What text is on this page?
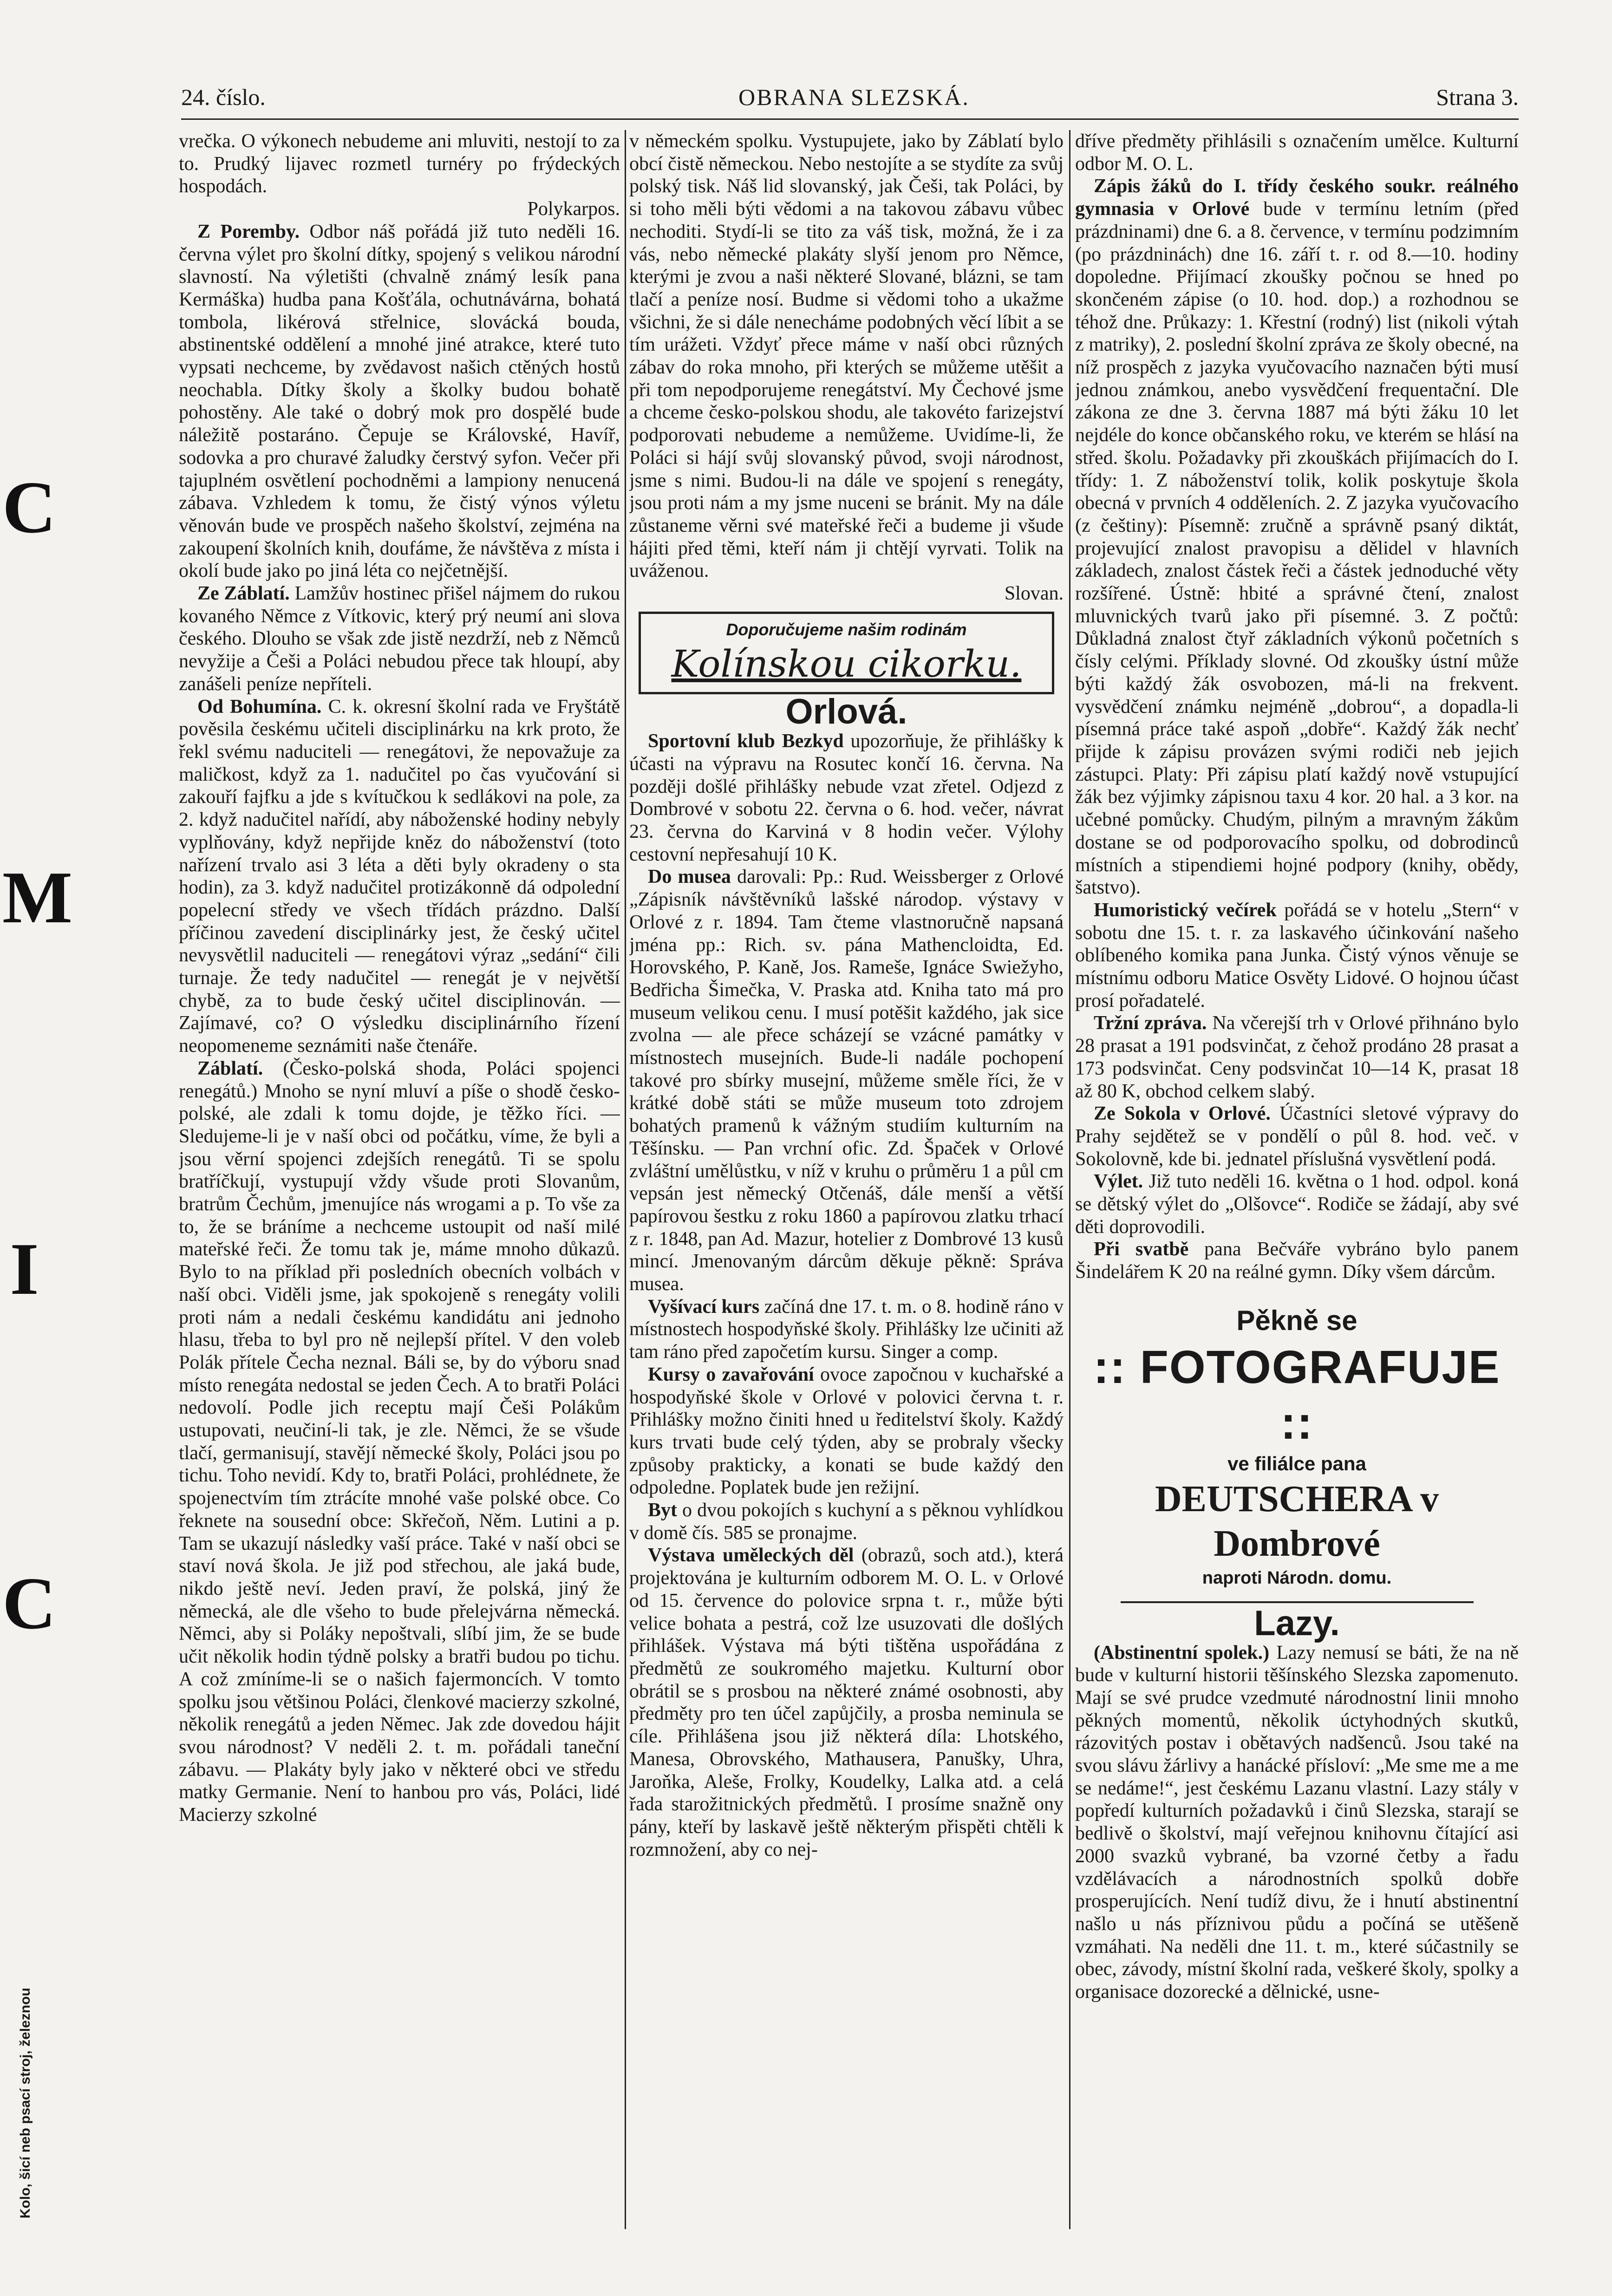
24. číslo.	OBRANA SLEZSKÁ.	Strana 3.
C
M
I
C
Kolo, šicí neb psací stroj, železnou

vrečka. O výkonech nebudeme ani mluviti, nestojí to za to. Prudký lijavec rozmetl turnéry po frýdeckých hospodách.

Polykarpos.

Z Poremby. Odbor náš pořádá již tuto neděli 16. června výlet pro školní dítky, spojený s velikou národní slavností. Na výletišti (chvalně známý lesík pana Kermáška) hudba pana Košťála, ochutnávárna, bohatá tombola, likérová střelnice, slovácká bouda, abstinentské oddělení a mnohé jiné atrakce, které tuto vypsati nechceme, by zvědavost našich ctěných hostů neochabla. Dítky školy a školky budou bohatě pohostěny. Ale také o dobrý mok pro dospělé bude náležitě postaráno. Čepuje se Královské, Havíř, sodovka a pro churavé žaludky čerstvý syfon. Večer při tajuplném osvětlení pochodněmi a lampiony nenucená zábava. Vzhledem k tomu, že čistý výnos výletu věnován bude ve prospěch našeho školství, zejména na zakoupení školních knih, doufáme, že návštěva z místa i okolí bude jako po jiná léta co nejčetnější.

Ze Záblatí. Lamžův hostinec přišel nájmem do rukou kovaného Němce z Vítkovic, který prý neumí ani slova českého. Dlouho se však zde jistě nezdrží, neb z Němců nevyžije a Češi a Poláci nebudou přece tak hloupí, aby zanášeli peníze nepříteli.

Od Bohumína. C. k. okresní školní rada ve Fryštátě pověsila českému učiteli disciplinárku na krk proto, že řekl svému naduciteli — renegátovi, že nepovažuje za maličkost, když za 1. nadučitel po čas vyučování si zakouří fajfku a jde s kvítučkou k sedlákovi na pole, za 2. když nadučitel nařídí, aby náboženské hodiny nebyly vyplňovány, když nepřijde kněz do náboženství (toto nařízení trvalo asi 3 léta a děti byly okradeny o sta hodin), za 3. když nadučitel protizákonně dá odpolední popelecní středy ve všech třídách prázdno. Další příčinou zavedení disciplinárky jest, že český učitel nevysvětlil naduciteli — renegátovi výraz „sedání“ čili turnaje. Že tedy nadučitel — renegát je v největší chybě, za to bude český učitel disciplinován. — Zajímavé, co? O výsledku disciplinárního řízení neopomeneme seznámiti naše čtenáře.

Záblatí. (Česko-polská shoda, Poláci spojenci renegátů.) Mnoho se nyní mluví a píše o shodě česko-polské, ale zdali k tomu dojde, je těžko říci. — Sledujeme-li je v naší obci od počátku, víme, že byli a jsou věrní spojenci zdejších renegátů. Ti se spolu bratříčkují, vystupují vždy všude proti Slovanům, bratrům Čechům, jmenujíce nás wrogami a p. To vše za to, že se bráníme a nechceme ustoupit od naší milé mateřské řeči. Že tomu tak je, máme mnoho důkazů. Bylo to na příklad při posledních obecních volbách v naší obci. Viděli jsme, jak spokojeně s renegáty volili proti nám a nedali českému kandidátu ani jednoho hlasu, třeba to byl pro ně nejlepší přítel. V den voleb Polák přítele Čecha neznal. Báli se, by do výboru snad místo renegáta nedostal se jeden Čech. A to bratři Poláci nedovolí. Podle jich receptu mají Češi Polákům ustupovati, neučiní-li tak, je zle. Němci, že se všude tlačí, germanisují, stavějí německé školy, Poláci jsou po tichu. Toho nevidí. Kdy to, bratři Poláci, prohlédnete, že spojenectvím tím ztrácíte mnohé vaše polské obce. Co řeknete na sousední obce: Skřečoň, Něm. Lutini a p. Tam se ukazují následky vaší práce. Také v naší obci se staví nová škola. Je již pod střechou, ale jaká bude, nikdo ještě neví. Jeden praví, že polská, jiný že německá, ale dle všeho to bude přelejvárna německá. Němci, aby si Poláky nepoštvali, slíbí jim, že se bude učit několik hodin týdně polsky a bratři budou po tichu. A což zmíníme-li se o našich fajermoncích. V tomto spolku jsou většinou Poláci, členkové macierzy szkolné, několik renegátů a jeden Němec. Jak zde dovedou hájit svou národnost? V neděli 2. t. m. pořádali taneční zábavu. — Plakáty byly jako v některé obci ve středu matky Germanie. Není to hanbou pro vás, Poláci, lidé Macierzy szkolné

v německém spolku. Vystupujete, jako by Záblatí bylo obcí čistě německou. Nebo nestojíte a se stydíte za svůj polský tisk. Náš lid slovanský, jak Češi, tak Poláci, by si toho měli býti vědomi a na takovou zábavu vůbec nechoditi. Stydí-li se tito za váš tisk, možná, že i za vás, nebo německé plakáty slyší jenom pro Němce, kterými je zvou a naši některé Slované, blázni, se tam tlačí a peníze nosí. Budme si vědomi toho a ukažme všichni, že si dále nenecháme podobných věcí líbit a se tím urážeti. Vždyť přece máme v naší obci různých zábav do roka mnoho, při kterých se můžeme utěšit a při tom nepodporujeme renegátství. My Čechové jsme a chceme česko-polskou shodu, ale takovéto farizejství podporovati nebudeme a nemůžeme. Uvidíme-li, že Poláci si hájí svůj slovanský původ, svoji národnost, jsme s nimi. Budou-li na dále ve spojení s renegáty, jsou proti nám a my jsme nuceni se bránit. My na dále zůstaneme věrni své mateřské řeči a budeme ji všude hájiti před těmi, kteří nám ji chtějí vyrvati. Tolik na uváženou.

Slovan.

Doporučujeme našim rodinám
Kolínskou cikorku.
Orlová.

Sportovní klub Bezkyd upozorňuje, že přihlášky k účasti na výpravu na Rosutec končí 16. června. Na později došlé přihlášky nebude vzat zřetel. Odjezd z Dombrové v sobotu 22. června o 6. hod. večer, návrat 23. června do Karviná v 8 hodin večer. Výlohy cestovní nepřesahují 10 K.

Do musea darovali: Pp.: Rud. Weissberger z Orlové „Zápisník návštěvníků lašské národop. výstavy v Orlové z r. 1894. Tam čteme vlastnoručně napsaná jména pp.: Rich. sv. pána Mathencloidta, Ed. Horovského, P. Kaně, Jos. Rameše, Ignáce Swiežyho, Bedřicha Šimečka, V. Praska atd. Kniha tato má pro museum velikou cenu. I musí potěšit každého, jak sice zvolna — ale přece scházejí se vzácné památky v místnostech musejních. Bude-li nadále pochopení takové pro sbírky musejní, můžeme směle říci, že v krátké době státi se může museum toto zdrojem bohatých pramenů k vážným studiím kulturním na Těšínsku. — Pan vrchní ofic. Zd. Špaček v Orlové zvláštní umělůstku, v níž v kruhu o průměru 1 a půl cm vepsán jest německý Otčenáš, dále menší a větší papírovou šestku z roku 1860 a papírovou zlatku trhací z r. 1848, pan Ad. Mazur, hotelier z Dombrové 13 kusů mincí. Jmenovaným dárcům děkuje pěkně: Správa musea.

Vyšívací kurs začíná dne 17. t. m. o 8. hodině ráno v místnostech hospodyňské školy. Přihlášky lze učiniti až tam ráno před započetím kursu. Singer a comp.

Kursy o zavařování ovoce započnou v kuchařské a hospodyňské škole v Orlové v polovici června t. r. Přihlášky možno činiti hned u ředitelství školy. Každý kurs trvati bude celý týden, aby se probraly všecky způsoby prakticky, a konati se bude každý den odpoledne. Poplatek bude jen režijní.

Byt o dvou pokojích s kuchyní a s pěknou vyhlídkou v domě čís. 585 se pronajme.

Výstava uměleckých děl (obrazů, soch atd.), která projektována je kulturním odborem M. O. L. v Orlové od 15. července do polovice srpna t. r., může býti velice bohata a pestrá, což lze usuzovati dle došlých přihlášek. Výstava má býti tištěna uspořádána z předmětů ze soukromého majetku. Kulturní obor obrátil se s prosbou na některé známé osobnosti, aby předměty pro ten účel zapůjčily, a prosba neminula se cíle. Přihlášena jsou již některá díla: Lhotského, Manesa, Obrovského, Mathausera, Panušky, Uhra, Jaroňka, Aleše, Frolky, Koudelky, Lalka atd. a celá řada starožitnických předmětů. I prosíme snažně ony pány, kteří by laskavě ještě některým přispěti chtěli k rozmnožení, aby co nej-

dříve předměty přihlásili s označením umělce. Kulturní odbor M. O. L.

Zápis žáků do I. třídy českého soukr. reálného gymnasia v Orlové bude v termínu letním (před prázdninami) dne 6. a 8. července, v termínu podzimním (po prázdninách) dne 16. září t. r. od 8.—10. hodiny dopoledne. Přijímací zkoušky počnou se hned po skončeném zápise (o 10. hod. dop.) a rozhodnou se téhož dne. Průkazy: 1. Křestní (rodný) list (nikoli výtah z matriky), 2. poslední školní zpráva ze školy obecné, na níž prospěch z jazyka vyučovacího naznačen býti musí jednou známkou, anebo vysvědčení frequentační. Dle zákona ze dne 3. června 1887 má býti žáku 10 let nejdéle do konce občanského roku, ve kterém se hlásí na střed. školu. Požadavky při zkouškách přijímacích do I. třídy: 1. Z náboženství tolik, kolik poskytuje škola obecná v prvních 4 odděleních. 2. Z jazyka vyučovacího (z češtiny): Písemně: zručně a správně psaný diktát, projevující znalost pravopisu a dělidel v hlavních základech, znalost částek řeči a částek jednoduché věty rozšířené. Ústně: hbité a správné čtení, znalost mluvnických tvarů jako při písemné. 3. Z počtů: Důkladná znalost čtyř základních výkonů početních s čísly celými. Příklady slovné. Od zkoušky ústní může býti každý žák osvobozen, má-li na frekvent. vysvědčení známku nejméně „dobrou“, a dopadla-li písemná práce také aspoň „dobře“. Každý žák nechť přijde k zápisu provázen svými rodiči neb jejich zástupci. Platy: Při zápisu platí každý nově vstupující žák bez výjimky zápisnou taxu 4 kor. 20 hal. a 3 kor. na učebné pomůcky. Chudým, pilným a mravným žákům dostane se od podporovacího spolku, od dobrodinců místních a stipendiemi hojné podpory (knihy, obědy, šatstvo).

Humoristický večírek pořádá se v hotelu „Stern“ v sobotu dne 15. t. r. za laskavého účinkování našeho oblíbeného komika pana Junka. Čistý výnos věnuje se místnímu odboru Matice Osvěty Lidové. O hojnou účast prosí pořadatelé.

Tržní zpráva. Na včerejší trh v Orlové přihnáno bylo 28 prasat a 191 podsvinčat, z čehož prodáno 28 prasat a 173 podsvinčat. Ceny podsvinčat 10—14 K, prasat 18 až 80 K, obchod celkem slabý.

Ze Sokola v Orlové. Účastníci sletové výpravy do Prahy sejdětež se v pondělí o půl 8. hod. več. v Sokolovně, kde bi. jednatel příslušná vysvětlení podá.

Výlet. Již tuto neděli 16. května o 1 hod. odpol. koná se dětský výlet do „Olšovce“. Rodiče se žádají, aby své děti doprovodili.

Při svatbě pana Bečváře vybráno bylo panem Šindelářem K 20 na reálné gymn. Díky všem dárcům.

Pěkně se
:: FOTOGRAFUJE ::
ve filiálce pana
DEUTSCHERA v Dombrové
naproti Národn. domu.
Lazy.

(Abstinentní spolek.) Lazy nemusí se báti, že na ně bude v kulturní historii těšínského Slezska zapomenuto. Mají se své prudce vzedmuté národnostní linii mnoho pěkných momentů, několik úctyhodných skutků, rázovitých postav i obětavých nadšenců. Jsou také na svou slávu žárlivy a hanácké přísloví: „Me sme me a me se nedáme!“, jest českému Lazanu vlastní. Lazy stály v popředí kulturních požadavků i činů Slezska, starají se bedlivě o školství, mají veřejnou knihovnu čítající asi 2000 svazků vybrané, ba vzorné četby a řadu vzdělávacích a národnostních spolků dobře prosperujících. Není tudíž divu, že i hnutí abstinentní našlo u nás příznivou půdu a počíná se utěšeně vzmáhati. Na neděli dne 11. t. m., které súčastnily se obec, závody, místní školní rada, veškeré školy, spolky a organisace dozorecké a dělnické, usne-
